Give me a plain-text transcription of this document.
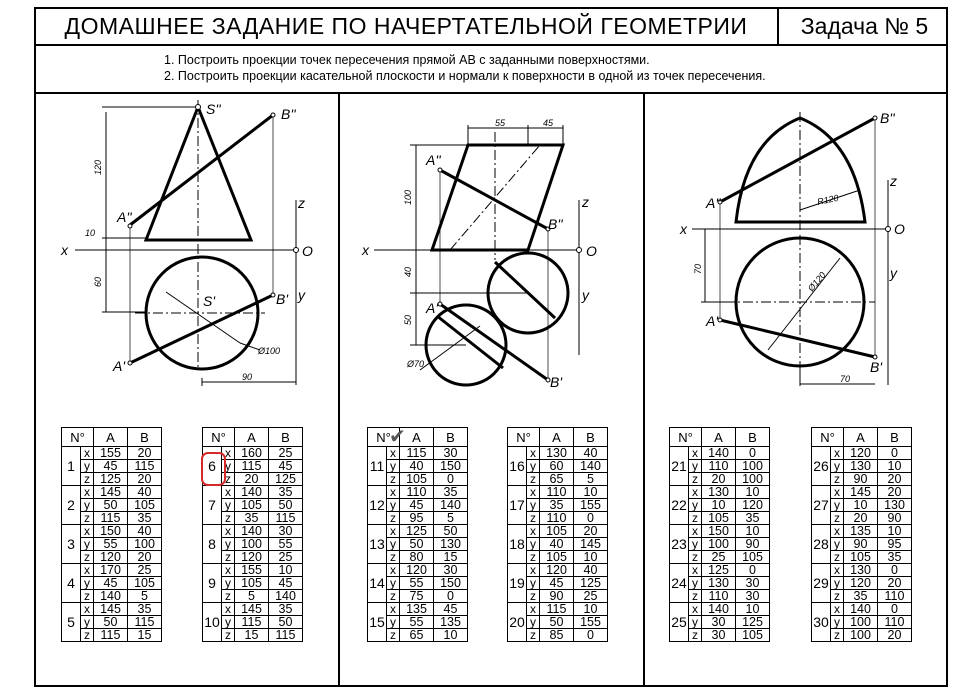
ДОМАШНЕЕ ЗАДАНИЕ ПО НАЧЕРТАТЕЛЬНОЙ ГЕОМЕТРИИ	Задача № 5
1. Построить проекции точек пересечения прямой АВ с заданными поверхностями.
2. Построить проекции касательной плоскости и нормали к поверхности в одной из точек пересечения.
S''	B''
A''
x
z
O
y
S'	B'
A'
A''
B''
x
z
O
y
A'
B'
B''
A''
z
x	O
y
A'
B'
120
10
60
90
Ø100
55	45
100
40
50
Ø70
R120
Ø120
70
70
N°		A	B
1	x	155	20
	y	45	115
	z	125	20
2	x	145	40
	y	50	105
	z	115	35
3	x	150	40
	y	55	100
	z	120	20
4	x	170	25
	y	45	105
	z	140	5
5	x	145	35
	y	50	115
	z	115	15
N°		A	B
6	x	160	25
	y	115	45
	z	20	125
7	x	140	35
	y	105	50
	z	35	115
8	x	140	30
	y	100	55
	z	120	25
9	x	155	10
	y	105	45
	z	5	140
10	x	145	35
	y	115	50
	z	15	115
N°		A	B
11	x	115	30
	y	40	150
	z	105	0
12	x	110	35
	y	45	140
	z	95	5
13	x	125	50
	y	50	130
	z	80	15
14	x	120	30
	y	55	150
	z	75	0
15	x	135	45
	y	55	135
	z	65	10
N°		A	B
16	x	130	40
	y	60	140
	z	65	5
17	x	110	10
	y	35	155
	z	110	0
18	x	105	20
	y	40	145
	z	105	10
19	x	120	40
	y	45	125
	z	90	25
20	x	115	10
	y	50	155
	z	85	0
N°		A	B
21	x	140	0
	y	110	100
	z	20	100
22	x	130	10
	y	10	120
	z	105	35
23	x	150	10
	y	100	90
	z	25	105
24	x	125	0
	y	130	30
	z	110	30
25	x	140	10
	y	30	125
	z	30	105
N°		A	B
26	x	120	0
	y	130	10
	z	90	20
27	x	145	20
	y	10	130
	z	20	90
28	x	135	10
	y	90	95
	z	105	35
29	x	130	0
	y	120	20
	z	35	110
30	x	140	0
	y	100	110
	z	100	20
✔
